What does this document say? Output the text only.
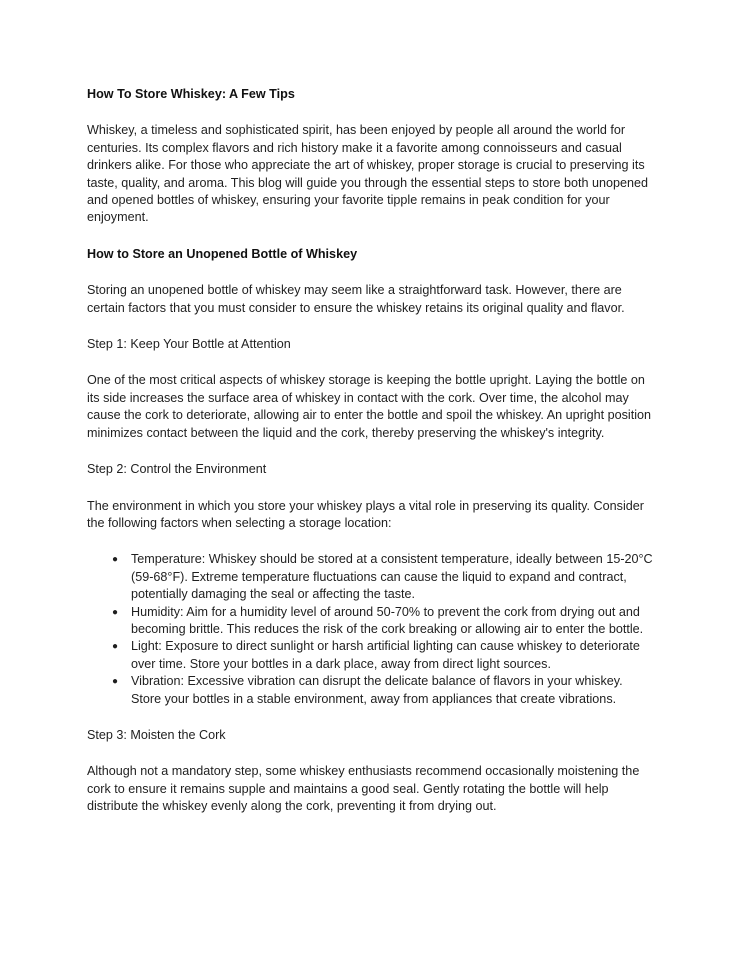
How To Store Whiskey: A Few Tips

Whiskey, a timeless and sophisticated spirit, has been enjoyed by people all around the world for centuries. Its complex flavors and rich history make it a favorite among connoisseurs and casual drinkers alike. For those who appreciate the art of whiskey, proper storage is crucial to preserving its taste, quality, and aroma. This blog will guide you through the essential steps to store both unopened and opened bottles of whiskey, ensuring your favorite tipple remains in peak condition for your enjoyment.

How to Store an Unopened Bottle of Whiskey

Storing an unopened bottle of whiskey may seem like a straightforward task. However, there are certain factors that you must consider to ensure the whiskey retains its original quality and flavor.

Step 1: Keep Your Bottle at Attention

One of the most critical aspects of whiskey storage is keeping the bottle upright. Laying the bottle on its side increases the surface area of whiskey in contact with the cork. Over time, the alcohol may cause the cork to deteriorate, allowing air to enter the bottle and spoil the whiskey. An upright position minimizes contact between the liquid and the cork, thereby preserving the whiskey's integrity.

Step 2: Control the Environment

The environment in which you store your whiskey plays a vital role in preserving its quality. Consider the following factors when selecting a storage location:

● Temperature: Whiskey should be stored at a consistent temperature, ideally between 15-20°C (59-68°F). Extreme temperature fluctuations can cause the liquid to expand and contract, potentially damaging the seal or affecting the taste.
● Humidity: Aim for a humidity level of around 50-70% to prevent the cork from drying out and becoming brittle. This reduces the risk of the cork breaking or allowing air to enter the bottle.
● Light: Exposure to direct sunlight or harsh artificial lighting can cause whiskey to deteriorate over time. Store your bottles in a dark place, away from direct light sources.
● Vibration: Excessive vibration can disrupt the delicate balance of flavors in your whiskey. Store your bottles in a stable environment, away from appliances that create vibrations.

Step 3: Moisten the Cork

Although not a mandatory step, some whiskey enthusiasts recommend occasionally moistening the cork to ensure it remains supple and maintains a good seal. Gently rotating the bottle will help distribute the whiskey evenly along the cork, preventing it from drying out.
